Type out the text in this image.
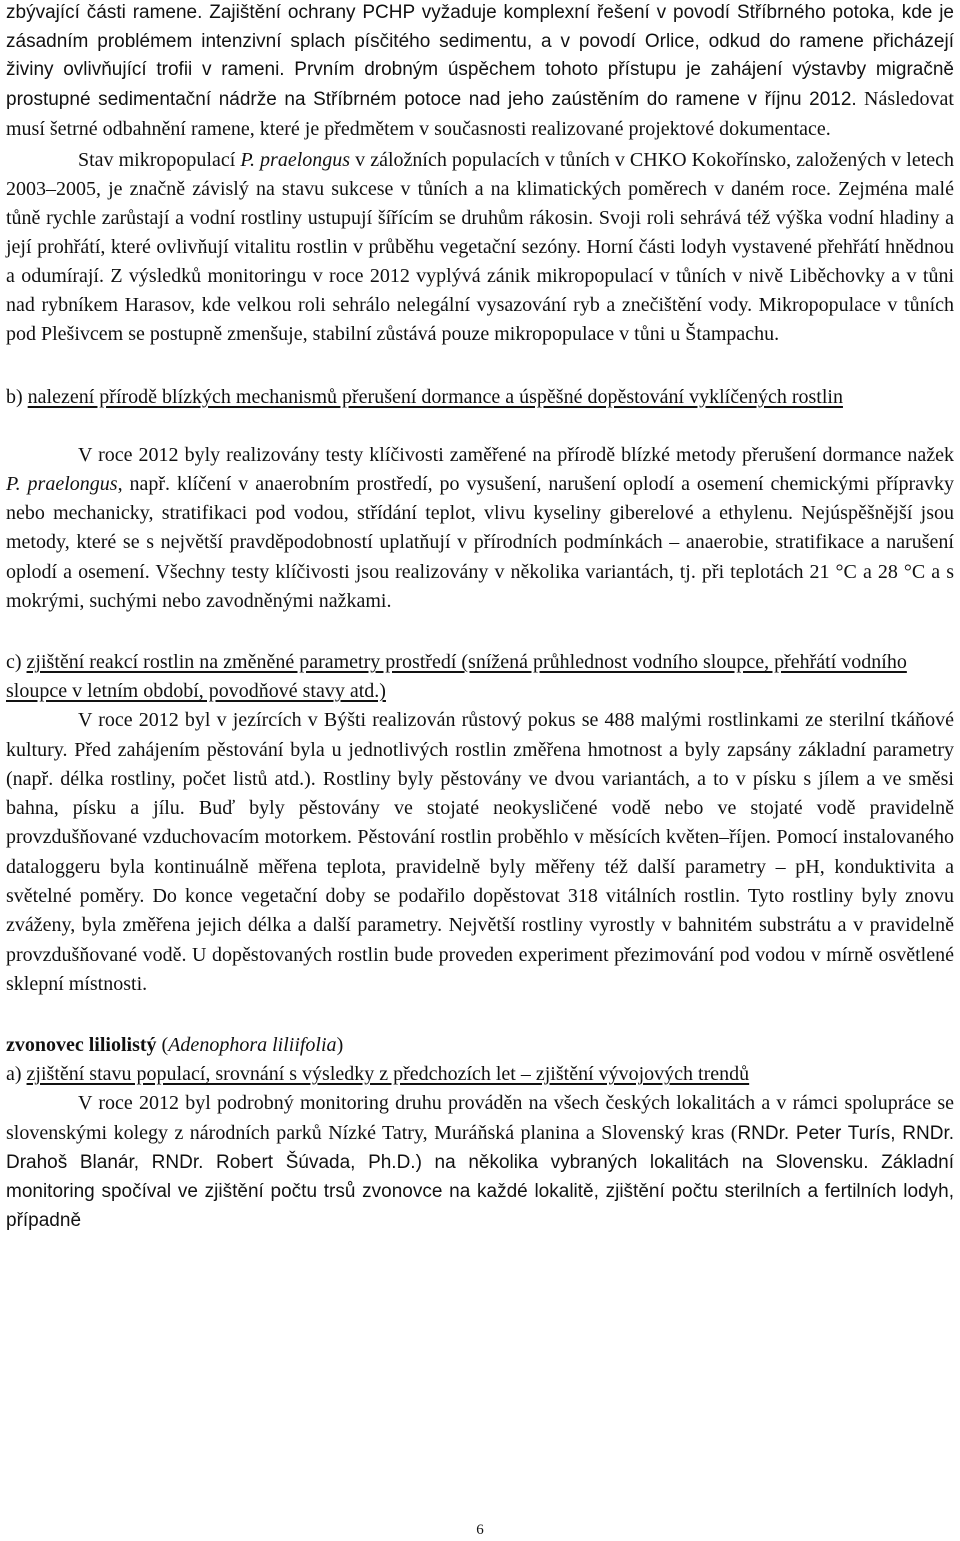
zbývající části ramene. Zajištění ochrany PCHP vyžaduje komplexní řešení v povodí Stříbrného potoka, kde je zásadním problémem intenzivní splach písčitého sedimentu, a v povodí Orlice, odkud do ramene přicházejí živiny ovlivňující trofii v rameni. Prvním drobným úspěchem tohoto přístupu je zahájení výstavby migračně prostupné sedimentační nádrže na Stříbrném potoce nad jeho zaústěním do ramene v říjnu 2012. Následovat musí šetrné odbahnění ramene, které je předmětem v současnosti realizované projektové dokumentace.

Stav mikropopulací P. praelongus v záložních populacích v tůních v CHKO Kokořínsko, založených v letech 2003–2005, je značně závislý na stavu sukcese v tůních a na klimatických poměrech v daném roce. Zejména malé tůně rychle zarůstají a vodní rostliny ustupují šířícím se druhům rákosin. Svoji roli sehrává též výška vodní hladiny a její prohřátí, které ovlivňují vitalitu rostlin v průběhu vegetační sezóny. Horní části lodyh vystavené přehřátí hnědnou a odumírají. Z výsledků monitoringu v roce 2012 vyplývá zánik mikropopulací v tůních v nivě Liběchovky a v tůni nad rybníkem Harasov, kde velkou roli sehrálo nelegální vysazování ryb a znečištění vody. Mikropopulace v tůních pod Plešivcem se postupně zmenšuje, stabilní zůstává pouze mikropopulace v tůni u Štampachu.

b) nalezení přírodě blízkých mechanismů přerušení dormance a úspěšné dopěstování vyklíčených rostlin

V roce 2012 byly realizovány testy klíčivosti zaměřené na přírodě blízké metody přerušení dormance nažek P. praelongus, např. klíčení v anaerobním prostředí, po vysušení, narušení oplodí a osemení chemickými přípravky nebo mechanicky, stratifikaci pod vodou, střídání teplot, vlivu kyseliny giberelové a ethylenu. Nejúspěšnější jsou metody, které se s největší pravděpodobností uplatňují v přírodních podmínkách – anaerobie, stratifikace a narušení oplodí a osemení. Všechny testy klíčivosti jsou realizovány v několika variantách, tj. při teplotách 21 °C a 28 °C a s mokrými, suchými nebo zavodněnými nažkami.

c) zjištění reakcí rostlin na změněné parametry prostředí (snížená průhlednost vodního sloupce, přehřátí vodního sloupce v letním období, povodňové stavy atd.)

V roce 2012 byl v jezírcích v Býšti realizován růstový pokus se 488 malými rostlinkami ze sterilní tkáňové kultury. Před zahájením pěstování byla u jednotlivých rostlin změřena hmotnost a byly zapsány základní parametry (např. délka rostliny, počet listů atd.). Rostliny byly pěstovány ve dvou variantách, a to v písku s jílem a ve směsi bahna, písku a jílu. Buď byly pěstovány ve stojaté neokysličené vodě nebo ve stojaté vodě pravidelně provzdušňované vzduchovacím motorkem. Pěstování rostlin proběhlo v měsících květen–říjen. Pomocí instalovaného dataloggeru byla kontinuálně měřena teplota, pravidelně byly měřeny též další parametry – pH, konduktivita a světelné poměry. Do konce vegetační doby se podařilo dopěstovat 318 vitálních rostlin. Tyto rostliny byly znovu zváženy, byla změřena jejich délka a další parametry. Největší rostliny vyrostly v bahnitém substrátu a v pravidelně provzdušňované vodě. U dopěstovaných rostlin bude proveden experiment přezimování pod vodou v mírně osvětlené sklepní místnosti.

zvonovec liliolistý (Adenophora liliifolia)

a) zjištění stavu populací, srovnání s výsledky z předchozích let – zjištění vývojových trendů

V roce 2012 byl podrobný monitoring druhu prováděn na všech českých lokalitách a v rámci spolupráce se slovenskými kolegy z národních parků Nízké Tatry, Muráňská planina a Slovenský kras (RNDr. Peter Turís, RNDr. Drahoš Blanár, RNDr. Robert Šúvada, Ph.D.) na několika vybraných lokalitách na Slovensku. Základní monitoring spočíval ve zjištění počtu trsů zvonovce na každé lokalitě, zjištění počtu sterilních a fertilních lodyh, případně

6
